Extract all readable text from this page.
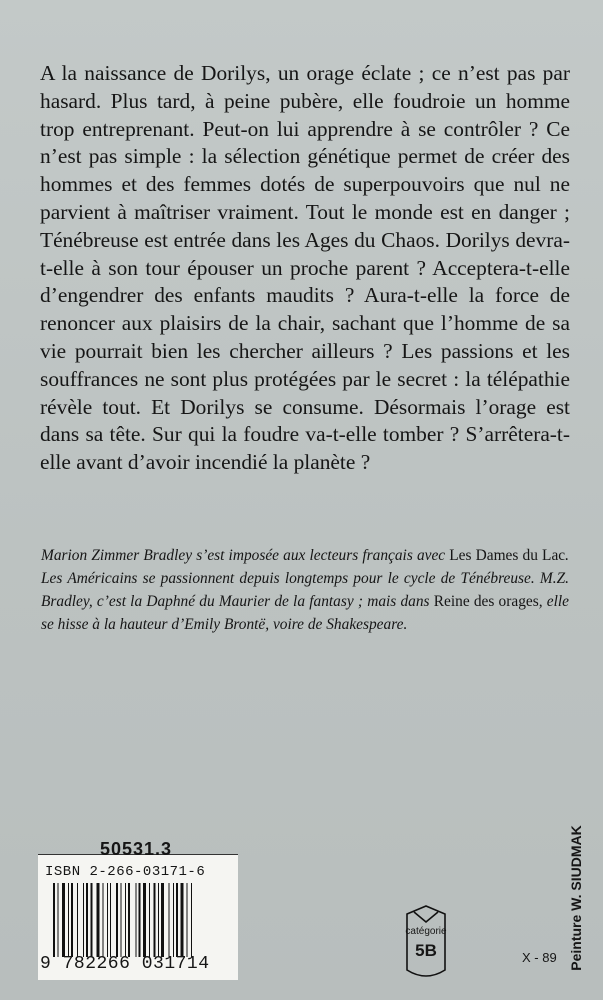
A la naissance de Dorilys, un orage éclate ; ce n’est pas par hasard. Plus tard, à peine pubère, elle foudroie un homme trop entreprenant. Peut-on lui apprendre à se contrôler ? Ce n’est pas simple : la sélection génétique permet de créer des hommes et des femmes dotés de superpouvoirs que nul ne parvient à maîtriser vraiment. Tout le monde est en danger ; Ténébreuse est entrée dans les Ages du Chaos. Dorilys devra-t-elle à son tour épouser un proche parent ? Acceptera-t-elle d’engendrer des enfants maudits ? Aura-t-elle la force de renoncer aux plaisirs de la chair, sachant que l’homme de sa vie pourrait bien les chercher ailleurs ? Les passions et les souffrances ne sont plus protégées par le secret : la télépathie révèle tout. Et Dorilys se consume. Désormais l’orage est dans sa tête. Sur qui la foudre va-t-elle tomber ? S’arrêtera-t-elle avant d’avoir incendié la planète ?

Marion Zimmer Bradley s’est imposée aux lecteurs français avec Les Dames du Lac. Les Américains se passionnent depuis longtemps pour le cycle de Ténébreuse. M.Z. Bradley, c’est la Daphné du Maurier de la fantasy ; mais dans Reine des orages, elle se hisse à la hauteur d’Emily Brontë, voire de Shakespeare.

50531.3
ISBN 2-266-03171-6
9 782266 031714
catégorie
5B	X - 89 Peinture W. SIUDMAK
